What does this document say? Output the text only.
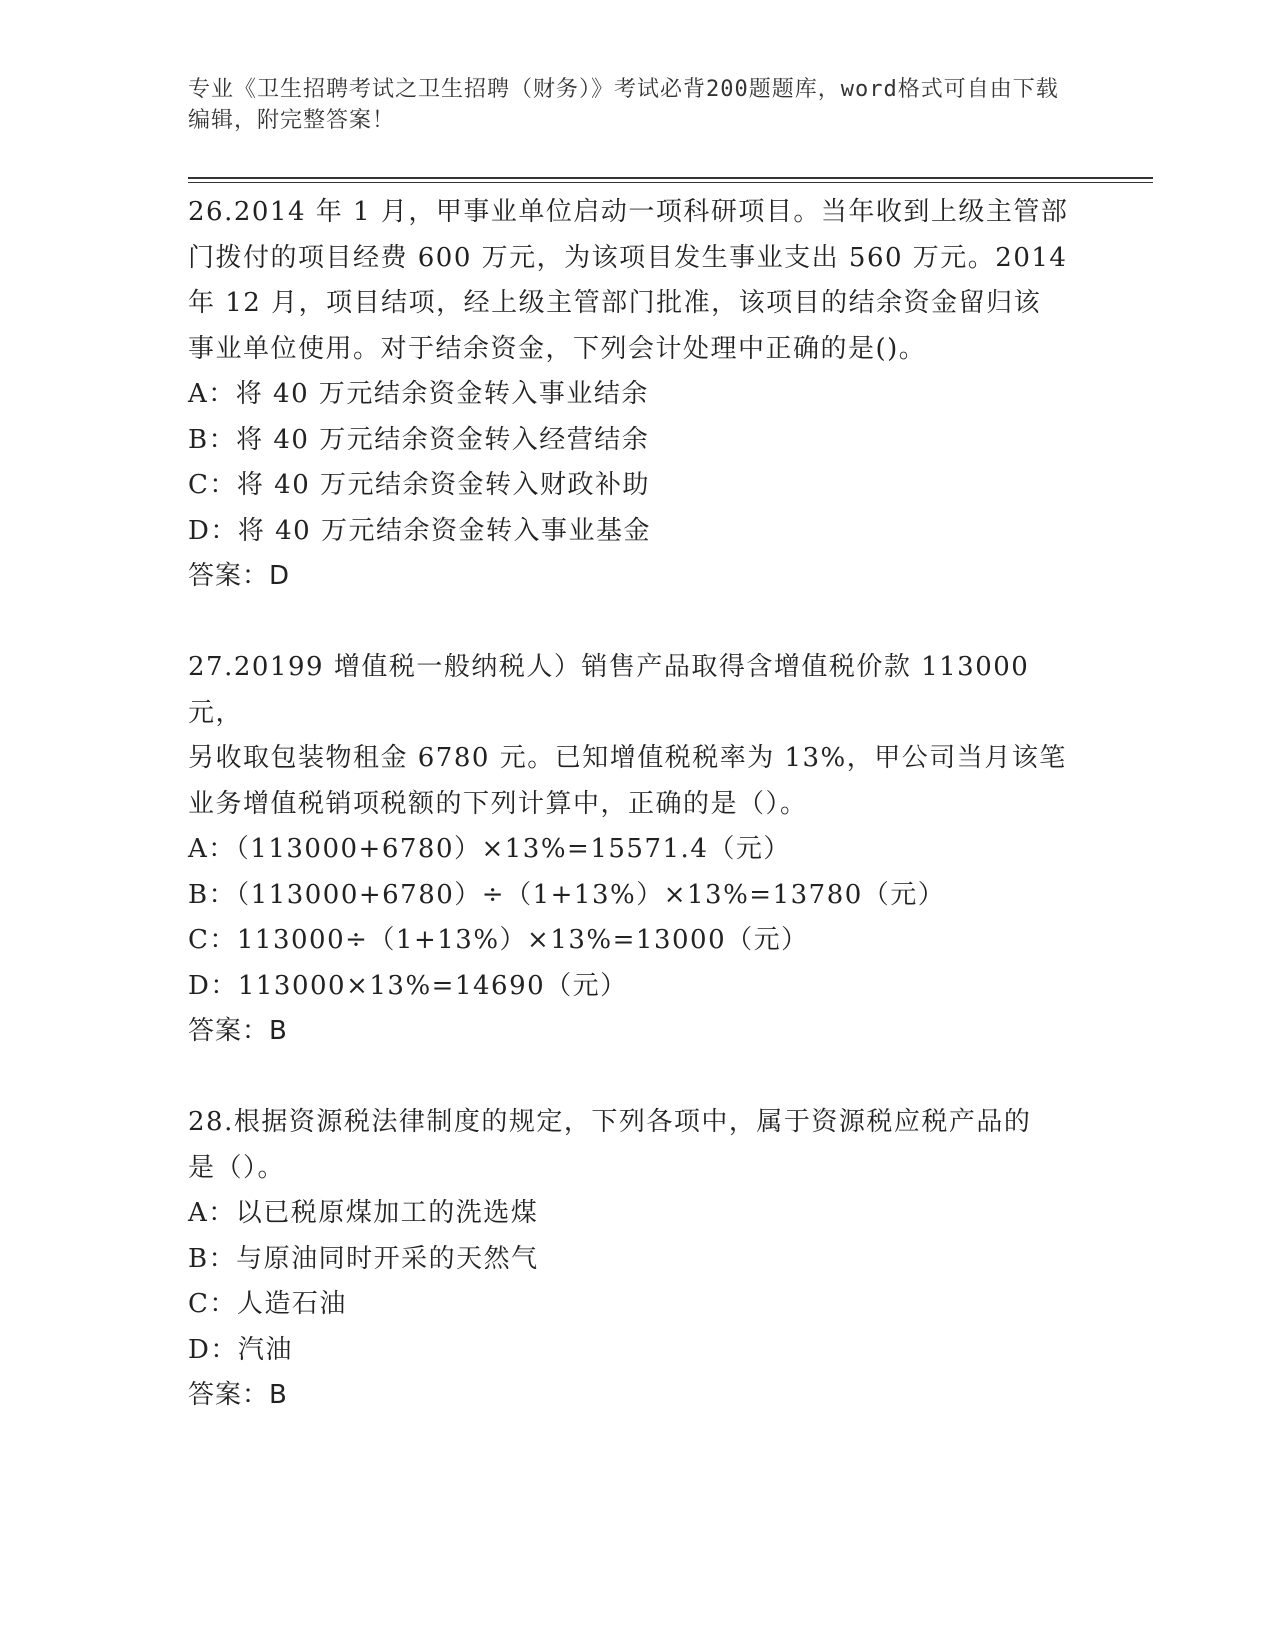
专业《卫生招聘考试之卫生招聘（财务）》考试必背200题题库，word格式可自由下载编辑，附完整答案！

26.2014 年 1 月，甲事业单位启动一项科研项目。当年收到上级主管部

门拨付的项目经费 600 万元，为该项目发生事业支出 560 万元。2014

年 12 月，项目结项，经上级主管部门批准，该项目的结余资金留归该

事业单位使用。对于结余资金，下列会计处理中正确的是()。

A：将 40 万元结余资金转入事业结余

B：将 40 万元结余资金转入经营结余

C：将 40 万元结余资金转入财政补助

D：将 40 万元结余资金转入事业基金

答案：D

27.20199 增值税一般纳税人）销售产品取得含增值税价款 113000 元，

另收取包装物租金 6780 元。已知增值税税率为 13%，甲公司当月该笔

业务增值税销项税额的下列计算中，正确的是（）。

A：（113000+6780）×13%=15571.4（元）

B：（113000+6780）÷（1+13%）×13%=13780（元）

C：113000÷（1+13%）×13%=13000（元）

D：113000×13%=14690（元）

答案：B

28.根据资源税法律制度的规定，下列各项中，属于资源税应税产品的

是（）。

A：以已税原煤加工的洗选煤

B：与原油同时开采的天然气

C：人造石油

D：汽油

答案：B
